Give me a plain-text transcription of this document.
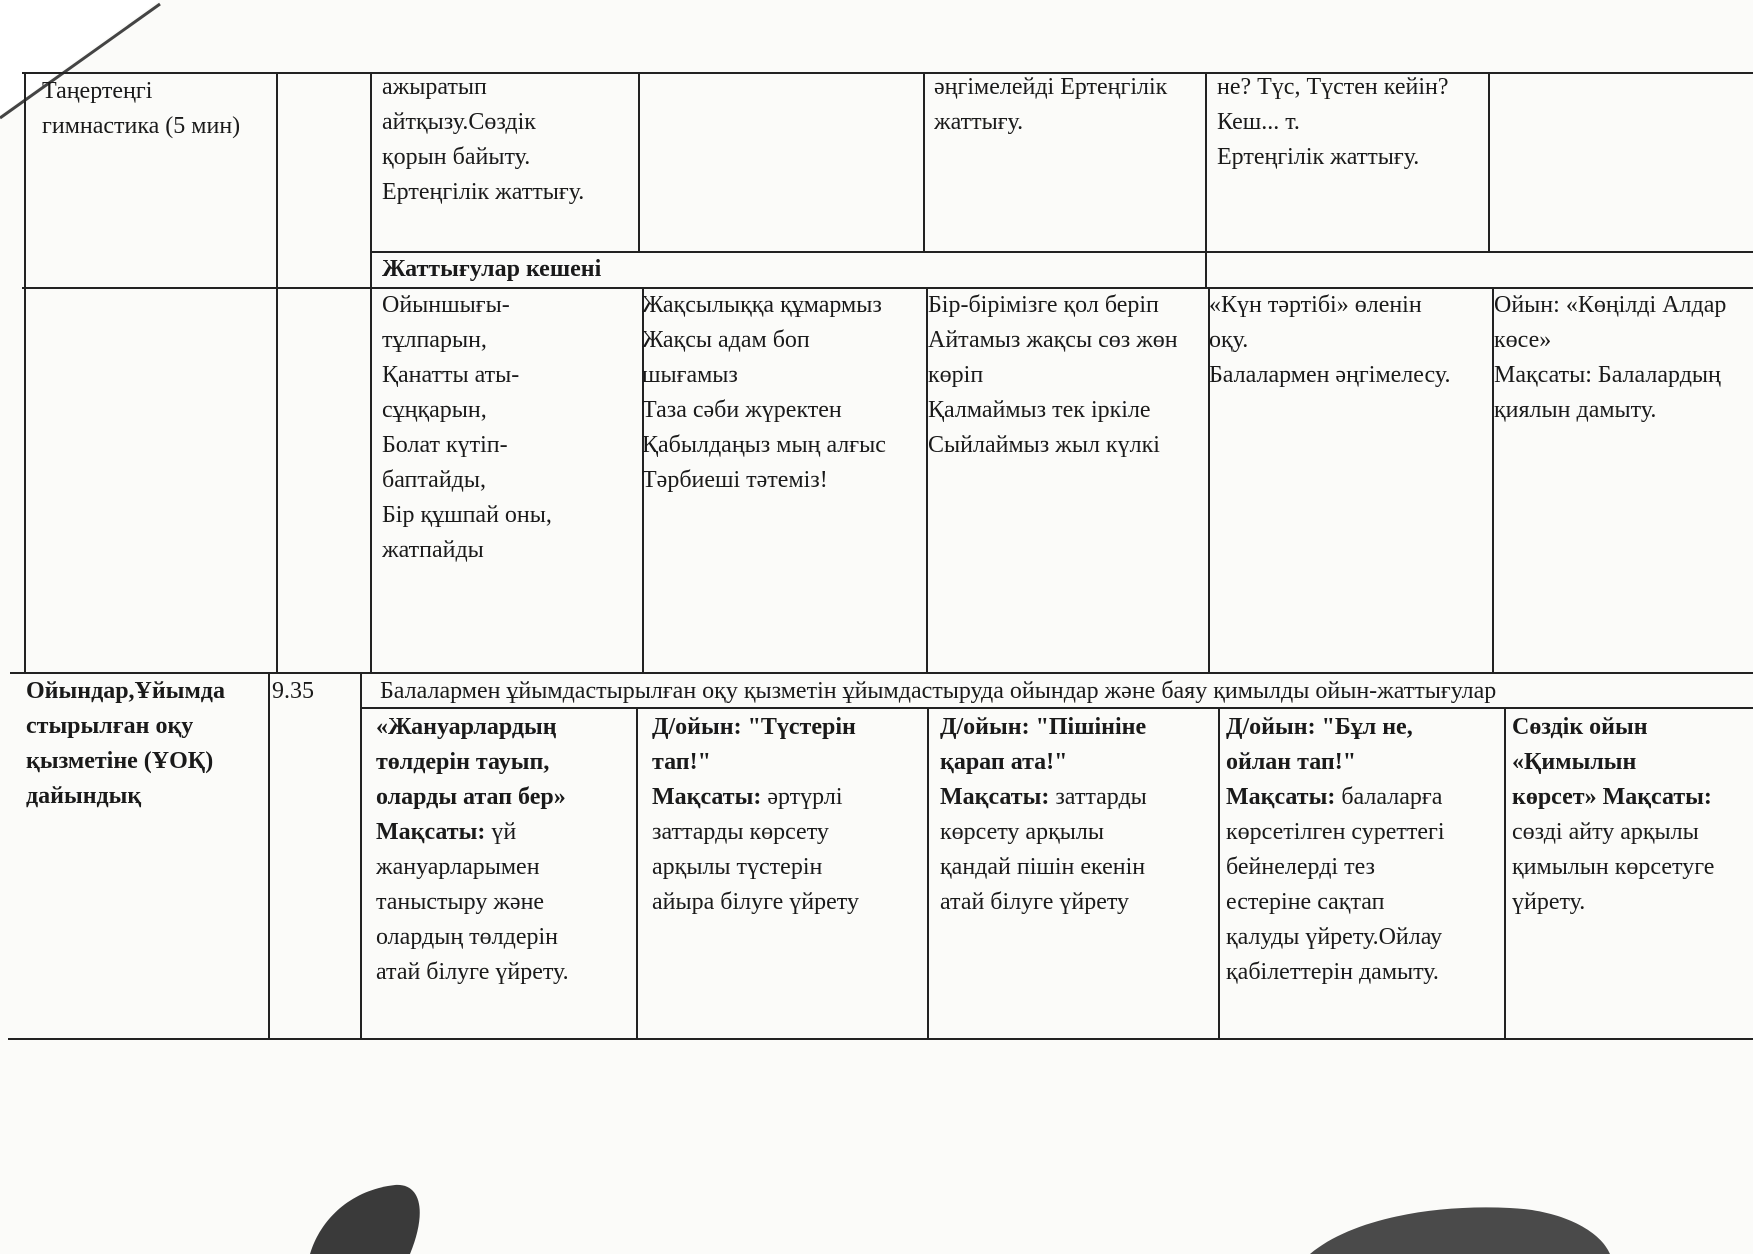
Таңертеңгі
гимнастика (5 мин)

ажыратып
айтқызу.Сөздік
қорын байыту.
Ертеңгілік жаттығу.

әңгімелейді Ертеңгілік
жаттығу.

не? Түс, Түстен кейін?
Кеш... т.
Ертеңгілік жаттығу.

Жаттығулар кешені

Ойыншығы-
тұлпарын,
Қанатты аты-
сұңқарын,
Болат күтіп-
баптайды,
Бір құшпай оны,
жатпайды

Жақсылыққа құмармыз
Жақсы адам боп
шығамыз
Таза сәби жүректен
Қабылдаңыз мың алғыс
Тәрбиеші тәтеміз!

Бір-бірімізге қол беріп
Айтамыз жақсы сөз жөн
көріп
Қалмаймыз тек іркіле
Сыйлаймыз жыл күлкі

«Күн тәртібі» өленін
оқу.
Балалармен әңгімелесу.

Ойын: «Көңілді Алдар
көсе»
Мақсаты: Балалардың
қиялын дамыту.

Ойындар,Ұйымда
стырылған оқу
қызметіне (ҰОҚ)
дайындық

9.35	Балалармен ұйымдастырылған оқу қызметін ұйымдастыруда ойындар және баяу қимылды ойын-жаттығулар

«Жануарлардың
төлдерін тауып,
оларды атап бер»
Мақсаты: үй
жануарларымен
таныстыру және
олардың төлдерін
атай білуге үйрету.

Д/ойын: "Түстерін
тап!"
Мақсаты: әртүрлі
заттарды көрсету
арқылы түстерін
айыра білуге үйрету

Д/ойын: "Пішініне
қарап ата!"
Мақсаты: заттарды
көрсету арқылы
қандай пішін екенін
атай білуге үйрету

Д/ойын: "Бұл не,
ойлан тап!"
Мақсаты: балаларға
көрсетілген суреттегі
бейнелерді тез
естеріне сақтап
қалуды үйрету.Ойлау
қабілеттерін дамыту.

Сөздік ойын
«Қимылын
көрсет» Мақсаты:
сөзді айту арқылы
қимылын көрсетуге
үйрету.
